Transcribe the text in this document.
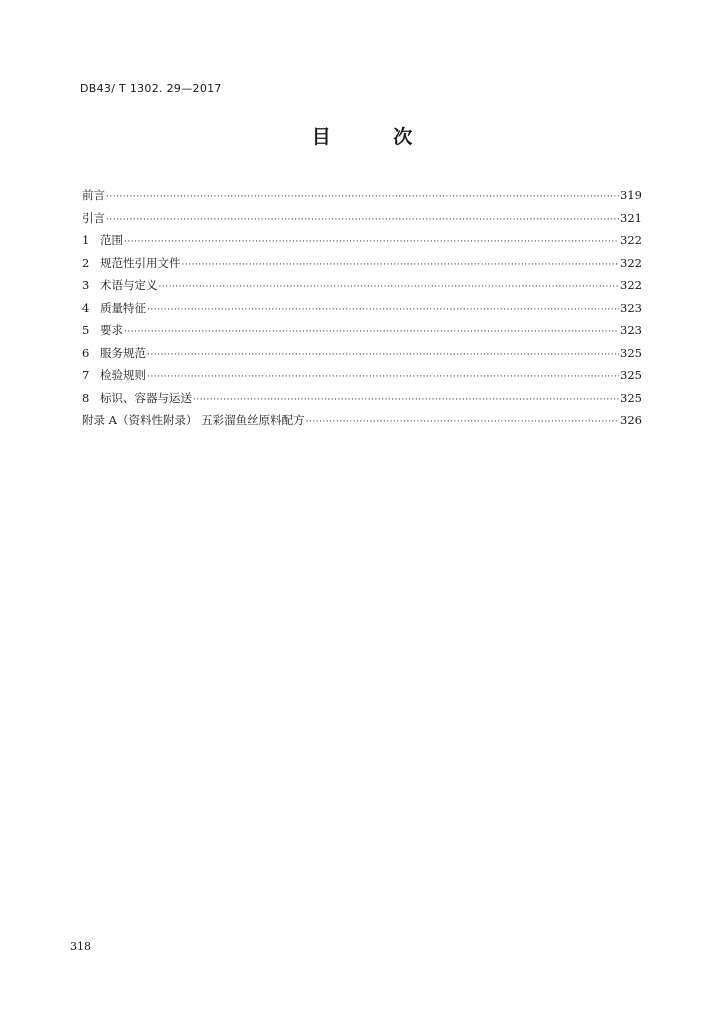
DB43/ T 1302. 29—2017
目 次
前言 ·····	319
引言 ·····	321
1 范围 ·····	322
2 规范性引用文件 ·····	322
3 术语与定义 ·····	322
4 质量特征 ·····	323
5 要求 ·····	323
6 服务规范 ·····	325
7 检验规则 ·····	325
8 标识、容器与运送 ·····	325
附录 A（资料性附录） 五彩溜鱼丝原料配方 ·····	326
318
